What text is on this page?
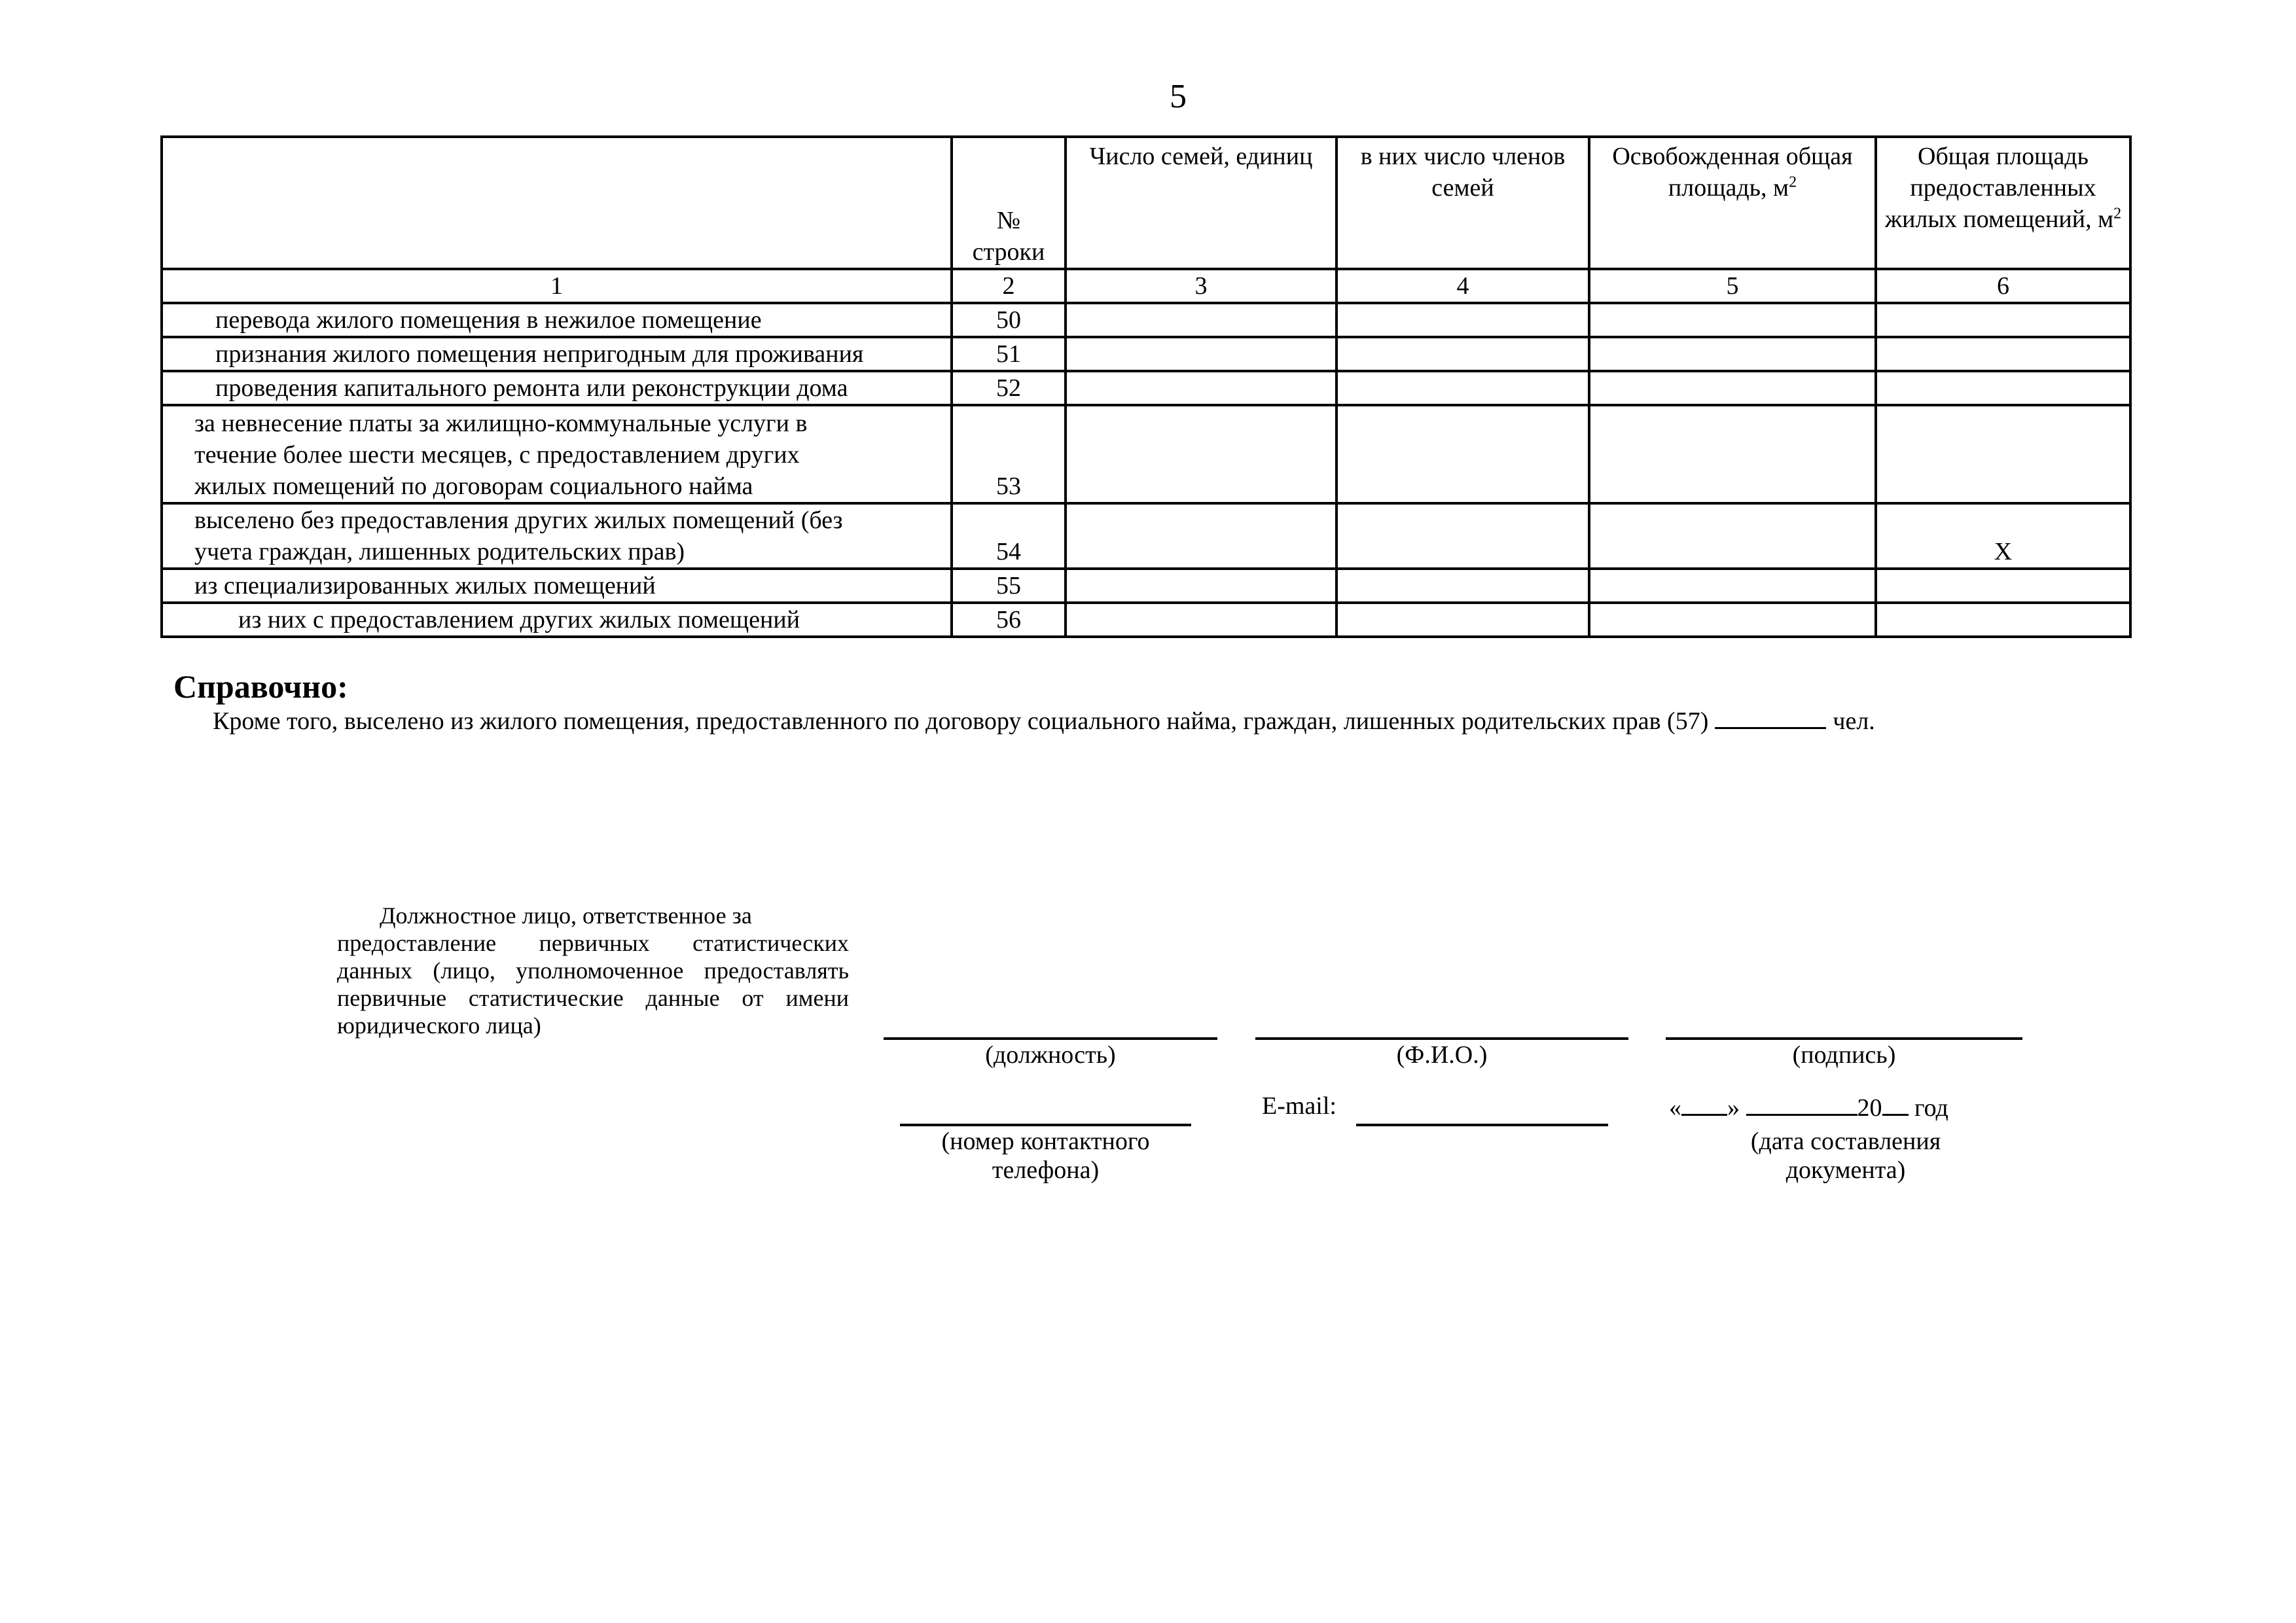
5
	№ строки	Число семей, единиц	в них число членов семей	Освобожденная общая площадь, $м^2$	Общая площадь предоставленных жилых помещений, $м^2$
1	2	3	4	5	6
перевода жилого помещения в нежилое помещение	50				
признания жилого помещения непригодным для проживания	51				
проведения капитального ремонта или реконструкции дома	52				

за невнесение платы за жилищно-коммунальные услуги в
течение более шести месяцев, с предоставлением других
жилых помещений по договорам социального найма	53				

выселено без предоставления других жилых помещений (без
учета граждан, лишенных родительских прав)	54				X
из специализированных жилых помещений	55				
из них с предоставлением других жилых помещений	56				
Справочно:
Кроме того, выселено из жилого помещения, предоставленного по договору социального найма, граждан, лишенных родительских прав (57)	чел.
Должностное лицо, ответственное за
предоставление первичных статистических данных (лицо, уполномоченное предоставлять первичные статистические данные от имени юридического лица)
(должность)	(Ф.И.О.)	(подпись)
(номер контактного
телефона)
E-mail:	« »	20 год
(дата составления
документа)
